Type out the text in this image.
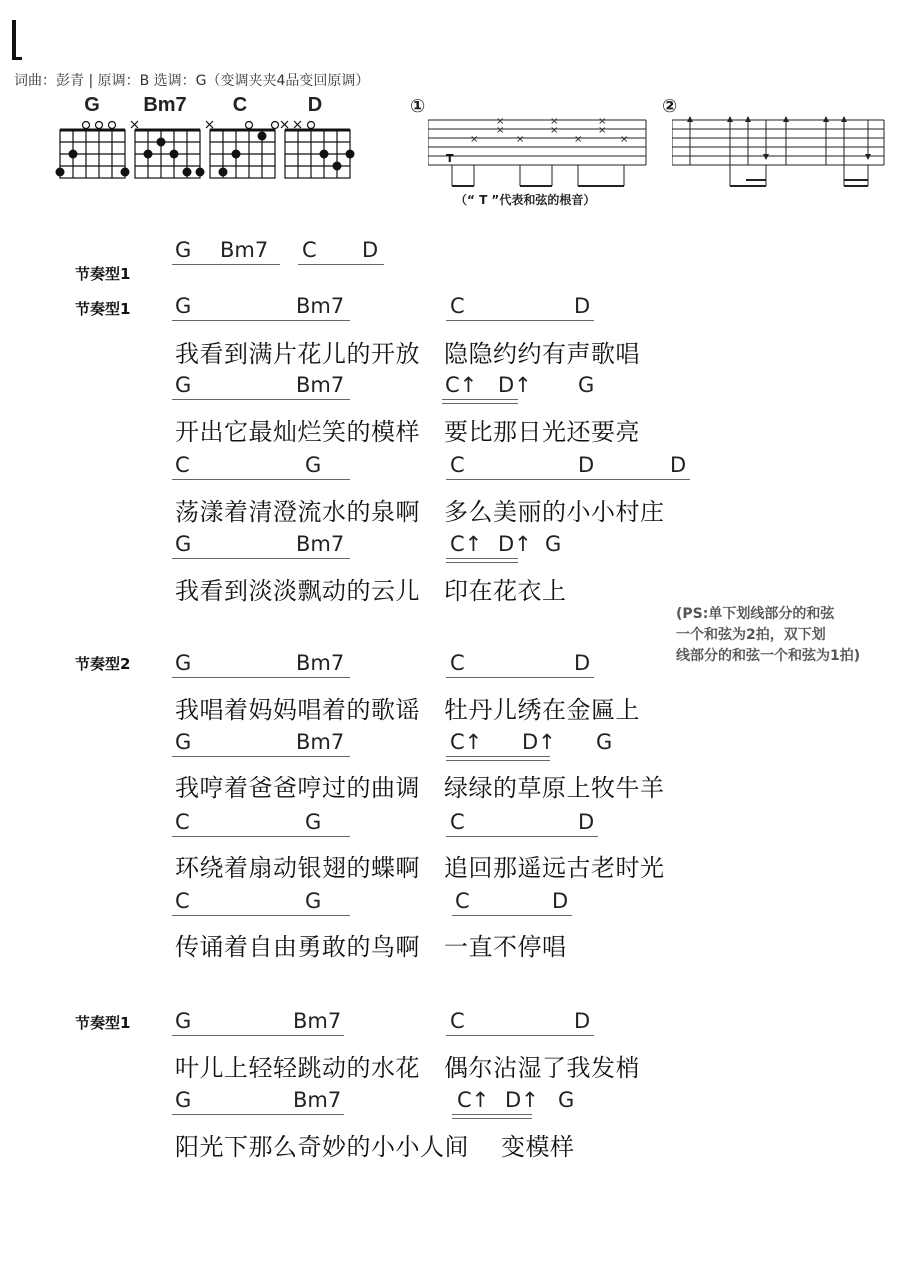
词曲：彭青 | 原调：B 选调：G（变调夹夹4品变回原调）
G	Bm7	C	D	①	②
×	×	×
×	×	×
×	×	×	×
T
（“ T ”代表和弦的根音）
节奏型1
G Bm7 C D
节奏型1 G	Bm7	C	D
我看到满片花儿的开放 隐隐约约有声歌唱
G	Bm7	C↑ D↑ G
开出它最灿烂笑的模样 要比那日光还要亮
C	G	C	D	D
荡漾着清澄流水的泉啊 多么美丽的小小村庄
G	Bm7	C↑ D↑ G
我看到淡淡飘动的云儿 印在花衣上
(PS:单下划线部分的和弦
一个和弦为2拍，双下划
线部分的和弦一个和弦为1拍)
节奏型2 G	Bm7	C	D
我唱着妈妈唱着的歌谣 牡丹儿绣在金匾上
G	Bm7	C↑ D↑ G
我哼着爸爸哼过的曲调 绿绿的草原上牧牛羊
C	G	C	D
环绕着扇动银翅的蝶啊 追回那遥远古老时光
C	G	C	D
传诵着自由勇敢的鸟啊 一直不停唱
节奏型1 G	Bm7	C	D
叶儿上轻轻跳动的水花 偶尔沾湿了我发梢
G	Bm7	C↑ D↑ G
阳光下那么奇妙的小小人间 变模样
